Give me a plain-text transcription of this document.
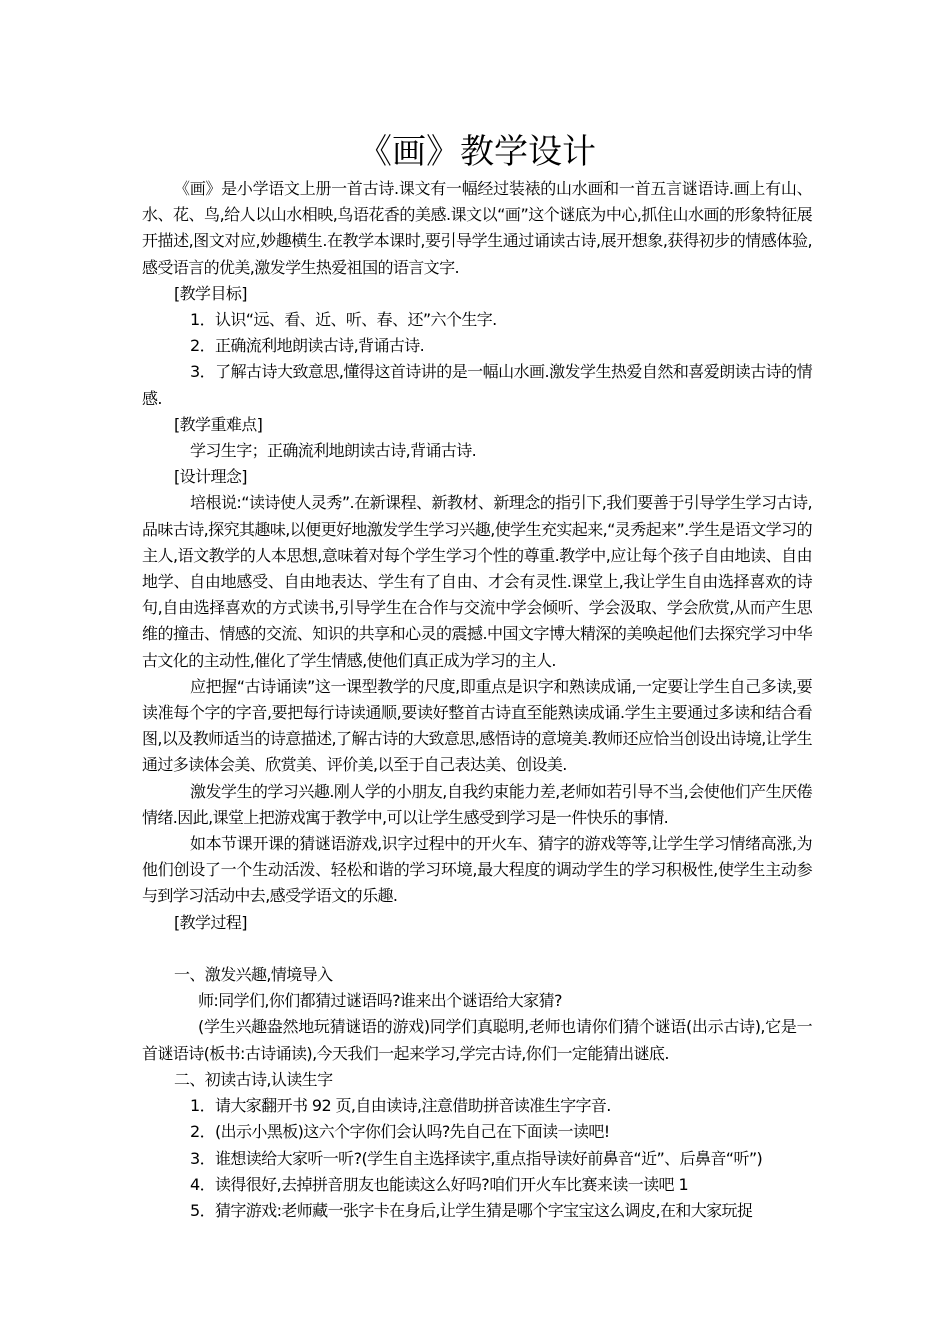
《画》教学设计

《画》是小学语文上册一首古诗.课文有一幅经过装裱的山水画和一首五言谜语诗.画上有山、水、花、鸟,给人以山水相映,鸟语花香的美感.课文以“画”这个谜底为中心,抓住山水画的形象特征展开描述,图文对应,妙趣横生.在教学本课时,要引导学生通过诵读古诗,展开想象,获得初步的情感体验,感受语言的优美,激发学生热爱祖国的语言文字.

[教学目标]

1．认识“远、看、近、听、春、还”六个生字.

2．正确流利地朗读古诗,背诵古诗.

3．了解古诗大致意思,懂得这首诗讲的是一幅山水画.激发学生热爱自然和喜爱朗读古诗的情感.

[教学重难点]

学习生字；正确流利地朗读古诗,背诵古诗.

[设计理念]

培根说:“读诗使人灵秀”.在新课程、新教材、新理念的指引下,我们要善于引导学生学习古诗,品味古诗,探究其趣味,以便更好地激发学生学习兴趣,使学生充实起来,“灵秀起来”.学生是语文学习的主人,语文教学的人本思想,意味着对每个学生学习个性的尊重.教学中,应让每个孩子自由地读、自由地学、自由地感受、自由地表达、学生有了自由、才会有灵性.课堂上,我让学生自由选择喜欢的诗句,自由选择喜欢的方式读书,引导学生在合作与交流中学会倾听、学会汲取、学会欣赏,从而产生思维的撞击、情感的交流、知识的共享和心灵的震撼.中国文字博大精深的美唤起他们去探究学习中华古文化的主动性,催化了学生情感,使他们真正成为学习的主人.

应把握“古诗诵读”这一课型教学的尺度,即重点是识字和熟读成诵,一定要让学生自己多读,要读准每个字的字音,要把每行诗读通顺,要读好整首古诗直至能熟读成诵.学生主要通过多读和结合看图,以及教师适当的诗意描述,了解古诗的大致意思,感悟诗的意境美.教师还应恰当创设出诗境,让学生通过多读体会美、欣赏美、评价美,以至于自己表达美、创设美.

激发学生的学习兴趣.刚人学的小朋友,自我约束能力差,老师如若引导不当,会使他们产生厌倦情绪.因此,课堂上把游戏寓于教学中,可以让学生感受到学习是一件快乐的事情.

如本节课开课的猜谜语游戏,识字过程中的开火车、猜字的游戏等等,让学生学习情绪高涨,为他们创设了一个生动活泼、轻松和谐的学习环境,最大程度的调动学生的学习积极性,使学生主动参与到学习活动中去,感受学语文的乐趣.

[教学过程]

一、激发兴趣,情境导入

师:同学们,你们都猜过谜语吗?谁来出个谜语给大家猜?

(学生兴趣盎然地玩猜谜语的游戏)同学们真聪明,老师也请你们猜个谜语(出示古诗),它是一首谜语诗(板书:古诗诵读),今天我们一起来学习,学完古诗,你们一定能猜出谜底.

二、初读古诗,认读生字

1．请大家翻开书 92 页,自由读诗,注意借助拼音读准生字字音.

2．(出示小黑板)这六个字你们会认吗?先自己在下面读一读吧!

3．谁想读给大家听一听?(学生自主选择读宇,重点指导读好前鼻音“近”、后鼻音“听”)

4．读得很好,去掉拼音朋友也能读这么好吗?咱们开火车比赛来读一读吧 1

5．猜字游戏:老师藏一张字卡在身后,让学生猜是哪个字宝宝这么调皮,在和大家玩捉
